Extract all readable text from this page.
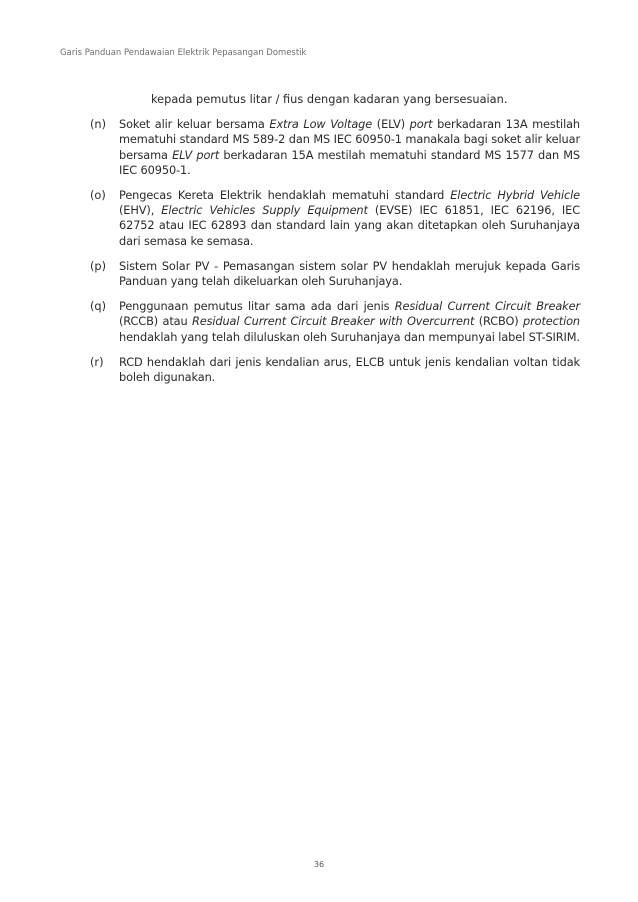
Garis Panduan Pendawaian Elektrik Pepasangan Domestik
kepada pemutus litar / fius dengan kadaran yang bersesuaian.
(n)	Soket alir keluar bersama Extra Low Voltage (ELV) port berkadaran 13A mestilah mematuhi standard MS 589-2 dan MS IEC 60950-1 manakala bagi soket alir keluar bersama ELV port berkadaran 15A mestilah mematuhi standard MS 1577 dan MS IEC 60950-1.
(o)	Pengecas Kereta Elektrik hendaklah mematuhi standard Electric Hybrid Vehicle (EHV), Electric Vehicles Supply Equipment (EVSE) IEC 61851, IEC 62196, IEC 62752 atau IEC 62893 dan standard lain yang akan ditetapkan oleh Suruhanjaya dari semasa ke semasa.
(p)	Sistem Solar PV - Pemasangan sistem solar PV hendaklah merujuk kepada Garis Panduan yang telah dikeluarkan oleh Suruhanjaya.
(q)	Penggunaan pemutus litar sama ada dari jenis Residual Current Circuit Breaker (RCCB) atau Residual Current Circuit Breaker with Overcurrent (RCBO) protection hendaklah yang telah diluluskan oleh Suruhanjaya dan mempunyai label ST-SIRIM.
(r)	RCD hendaklah dari jenis kendalian arus, ELCB untuk jenis kendalian voltan tidak boleh digunakan.
36
